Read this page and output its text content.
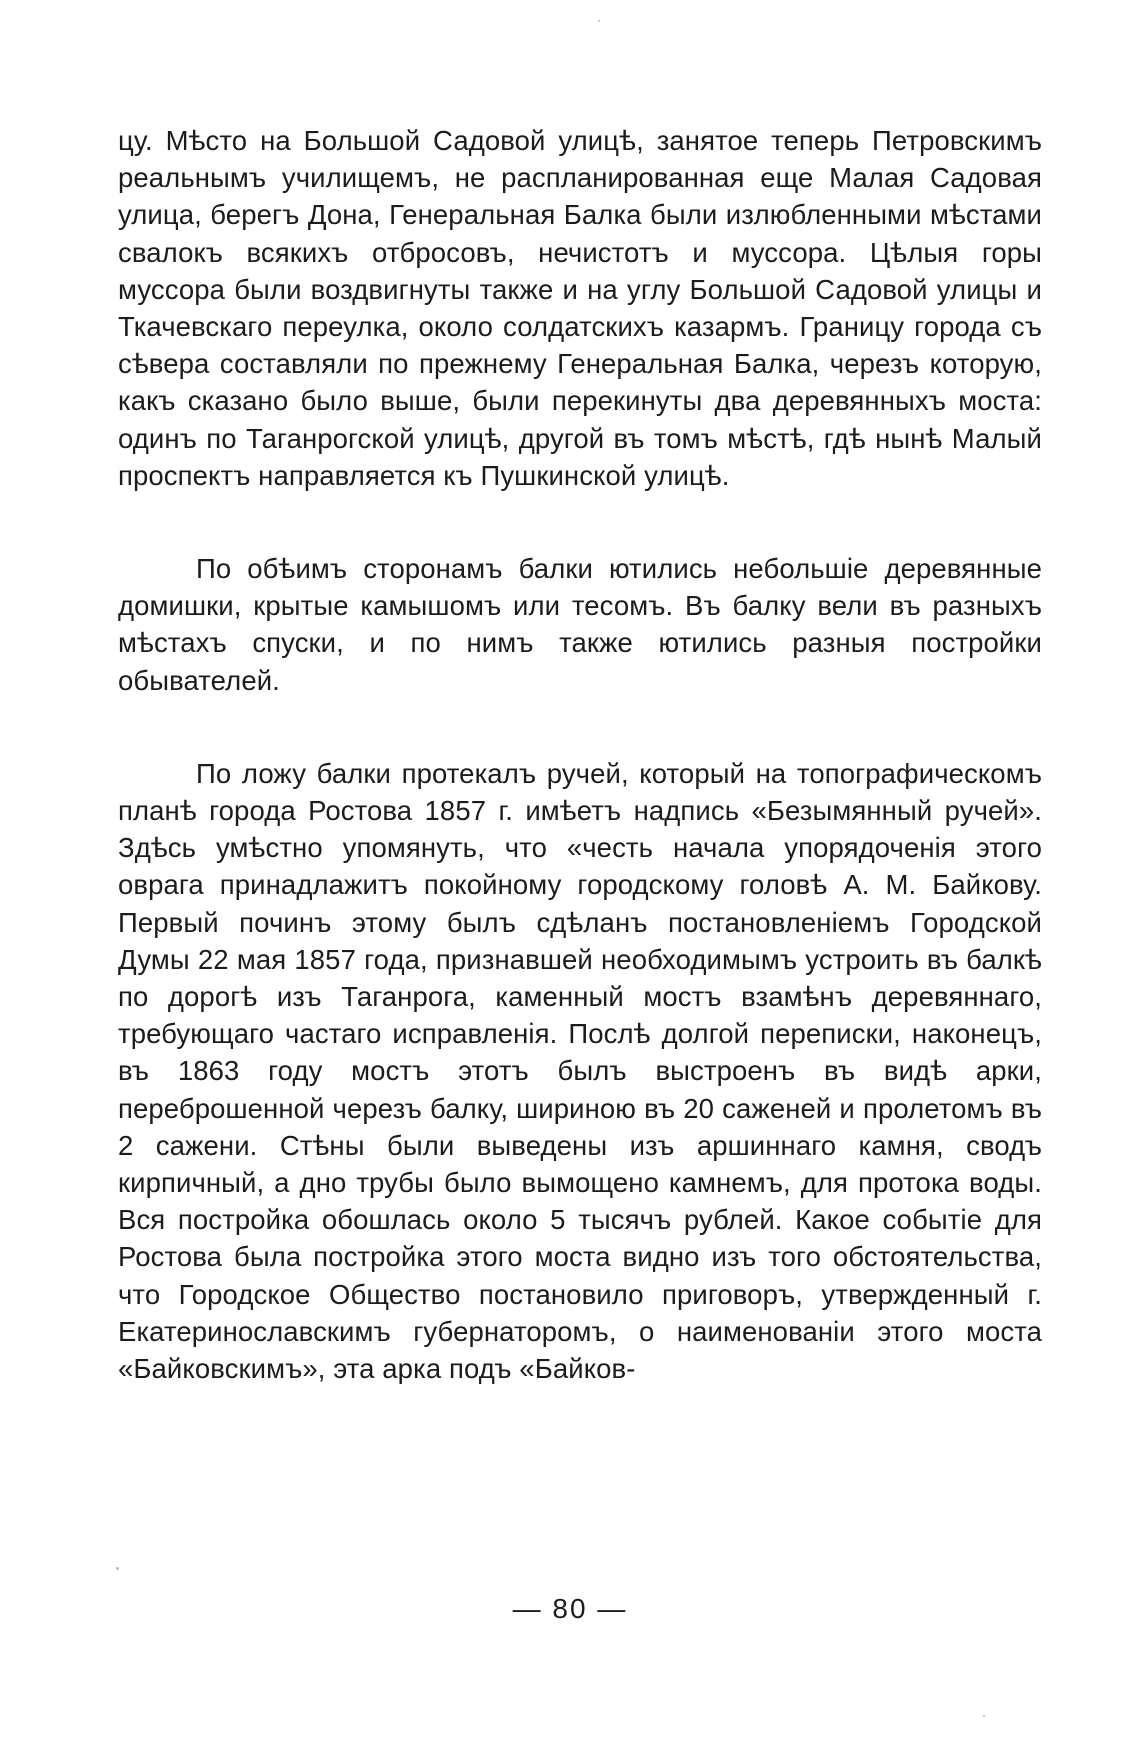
цу. Мѣсто на Большой Садовой улицѣ, занятое теперь Петровскимъ реальнымъ училищемъ, не распланированная еще Малая Садовая улица, берегъ Дона, Генеральная Балка были излюбленными мѣстами свалокъ всякихъ отбросовъ, нечистотъ и муссора. Цѣлыя горы муссора были воздвигнуты также и на углу Большой Садовой улицы и Ткачевскаго переулка, около солдатскихъ казармъ. Границу города съ сѣвера составляли по прежнему Генеральная Балка, черезъ которую, какъ сказано было выше, были перекинуты два деревянныхъ моста: одинъ по Таганрогской улицѣ, другой въ томъ мѣстѣ, гдѣ нынѣ Малый проспектъ направляется къ Пушкинской улицѣ.

По обѣимъ сторонамъ балки ютились небольшіе деревянные домишки, крытые камышомъ или тесомъ. Въ балку вели въ разныхъ мѣстахъ спуски, и по нимъ также ютились разныя постройки обывателей.

По ложу балки протекалъ ручей, который на топографическомъ планѣ города Ростова 1857 г. имѣетъ надпись «Безымянный ручей». Здѣсь умѣстно упомянуть, что «честь начала упорядоченія этого оврага принадлажитъ покойному городскому головѣ А. М. Байкову. Первый починъ этому былъ сдѣланъ постановленіемъ Городской Думы 22 мая 1857 года, признавшей необходимымъ устроить въ балкѣ по дорогѣ изъ Таганрога, каменный мостъ взамѣнъ деревяннаго, требующаго частаго исправленія. Послѣ долгой переписки, наконецъ, въ 1863 году мостъ этотъ былъ выстроенъ въ видѣ арки, переброшенной черезъ балку, шириною въ 20 саженей и пролетомъ въ 2 сажени. Стѣны были выведены изъ аршиннаго камня, сводъ кирпичный, а дно трубы было вымощено камнемъ, для протока воды. Вся постройка обошлась около 5 тысячъ рублей. Какое событіе для Ростова была постройка этого моста видно изъ того обстоятельства, что Городское Общество постановило приговоръ, утвержденный г. Екатеринославскимъ губернаторомъ, о наименованіи этого моста «Байковскимъ», эта арка подъ «Байков-

— 80 —
